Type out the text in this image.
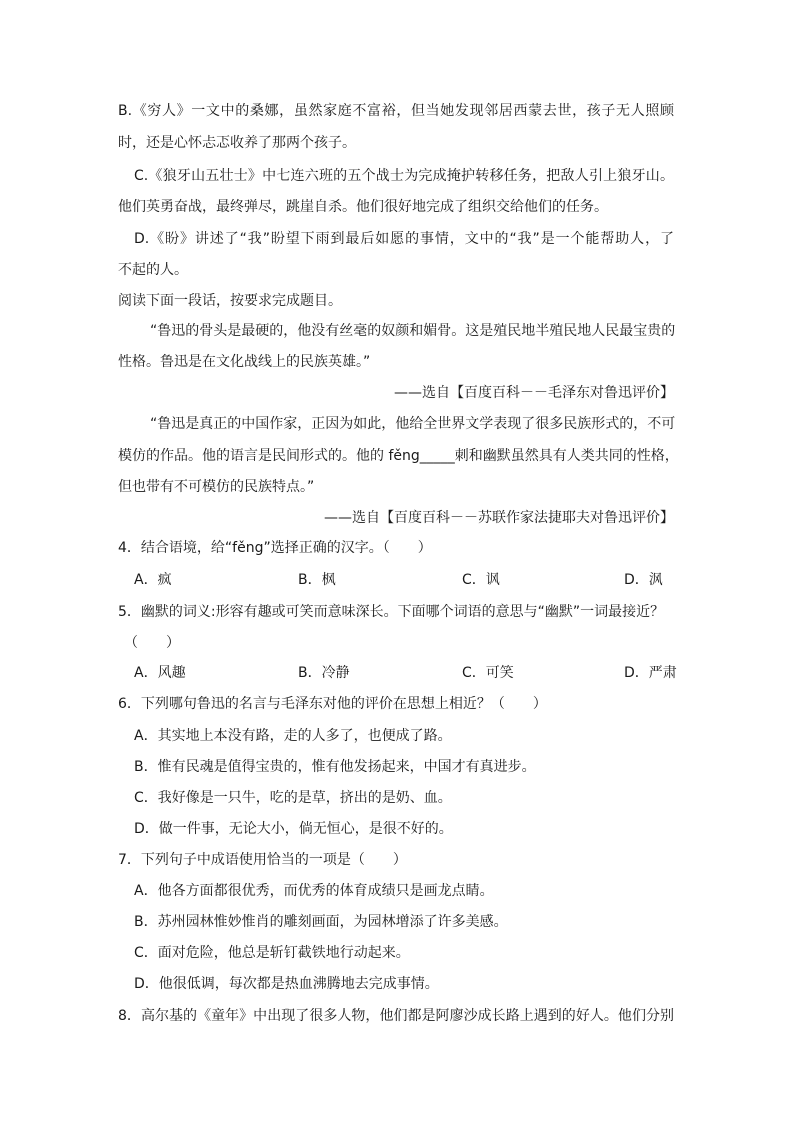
B.《穷人》一文中的桑娜，虽然家庭不富裕，但当她发现邻居西蒙去世，孩子无人照顾
时，还是心怀忐忑收养了那两个孩子。
C.《狼牙山五壮士》中七连六班的五个战士为完成掩护转移任务，把敌人引上狼牙山。
他们英勇奋战，最终弹尽，跳崖自杀。他们很好地完成了组织交给他们的任务。
D.《盼》讲述了“我”盼望下雨到最后如愿的事情，文中的“我”是一个能帮助人，了
不起的人。
阅读下面一段话，按要求完成题目。
“鲁迅的骨头是最硬的，他没有丝毫的奴颜和媚骨。这是殖民地半殖民地人民最宝贵的
性格。鲁迅是在文化战线上的民族英雄。”
——选自【百度百科－－毛泽东对鲁迅评价】
“鲁迅是真正的中国作家，正因为如此，他给全世界文学表现了很多民族形式的，不可
模仿的作品。他的语言是民间形式的。他的 fěng_____刺和幽默虽然具有人类共同的性格，
但也带有不可模仿的民族特点。”
——选自【百度百科－－苏联作家法捷耶夫对鲁迅评价】
4．结合语境，给“fěng”选择正确的汉字。（　　）
A．疯	B．枫	C．讽	D．沨
5．幽默的词义:形容有趣或可笑而意味深长。下面哪个词语的意思与“幽默”一词最接近？
（　　）
A．风趣	B．冷静	C．可笑	D．严肃
6．下列哪句鲁迅的名言与毛泽东对他的评价在思想上相近？（　　）
A．其实地上本没有路，走的人多了，也便成了路。
B．惟有民魂是值得宝贵的，惟有他发扬起来，中国才有真进步。
C．我好像是一只牛，吃的是草，挤出的是奶、血。
D．做一件事，无论大小，倘无恒心，是很不好的。
7．下列句子中成语使用恰当的一项是（　　）
A．他各方面都很优秀，而优秀的体育成绩只是画龙点睛。
B．苏州园林惟妙惟肖的雕刻画面，为园林增添了许多美感。
C．面对危险，他总是斩钉截铁地行动起来。
D．他很低调，每次都是热血沸腾地去完成事情。
8．高尔基的《童年》中出现了很多人物，他们都是阿廖沙成长路上遇到的好人。他们分别
